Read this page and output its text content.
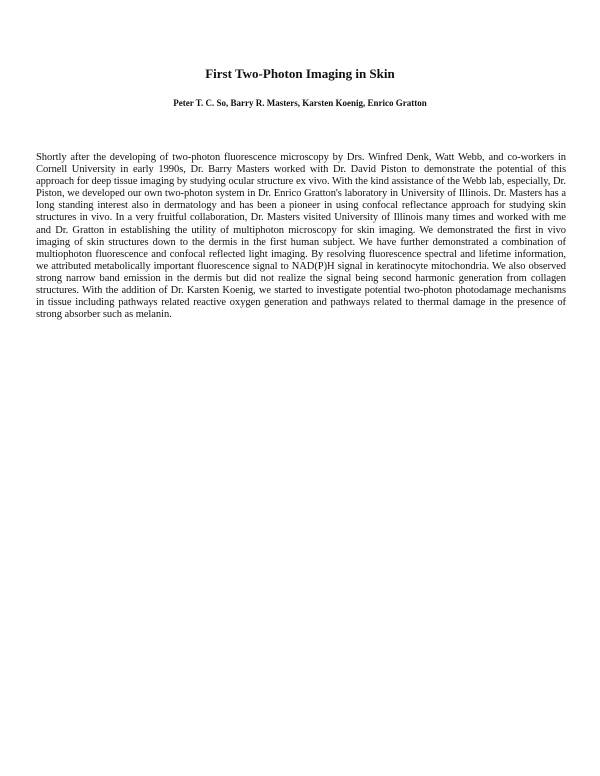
First Two-Photon Imaging in Skin

Peter T. C. So, Barry R. Masters, Karsten Koenig, Enrico Gratton

Shortly after the developing of two-photon fluorescence microscopy by Drs. Winfred Denk, Watt Webb, and co-workers in Cornell University in early 1990s, Dr. Barry Masters worked with Dr. David Piston to demonstrate the potential of this approach for deep tissue imaging by studying ocular structure ex vivo. With the kind assistance of the Webb lab, especially, Dr. Piston, we developed our own two-photon system in Dr. Enrico Gratton's laboratory in University of Illinois. Dr. Masters has a long standing interest also in dermatology and has been a pioneer in using confocal reflectance approach for studying skin structures in vivo. In a very fruitful collaboration, Dr. Masters visited University of Illinois many times and worked with me and Dr. Gratton in establishing the utility of multiphoton microscopy for skin imaging. We demonstrated the first in vivo imaging of skin structures down to the dermis in the first human subject. We have further demonstrated a combination of multiophoton fluorescence and confocal reflected light imaging. By resolving fluorescence spectral and lifetime information, we attributed metabolically important fluorescence signal to NAD(P)H signal in keratinocyte mitochondria. We also observed strong narrow band emission in the dermis but did not realize the signal being second harmonic generation from collagen structures. With the addition of Dr. Karsten Koenig, we started to investigate potential two-photon photodamage mechanisms in tissue including pathways related reactive oxygen generation and pathways related to thermal damage in the presence of strong absorber such as melanin.
